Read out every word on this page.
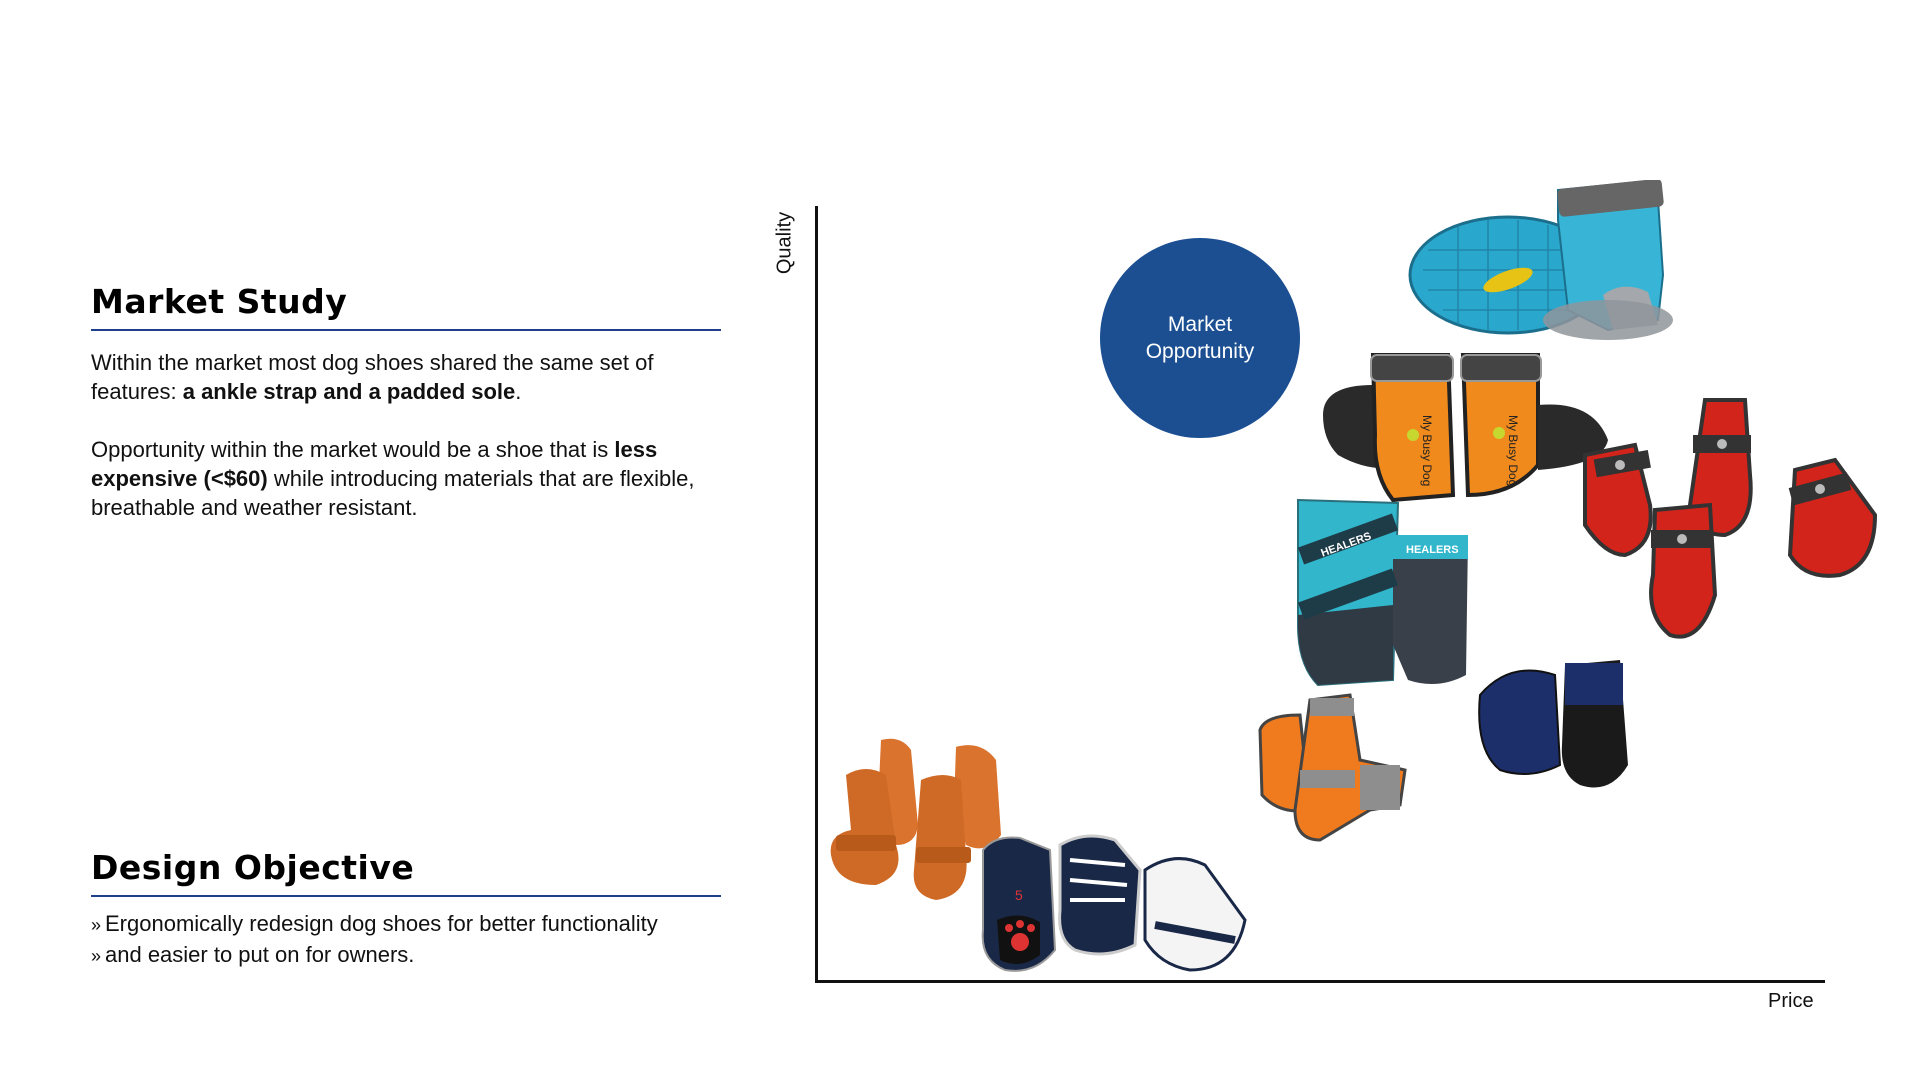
Market Study

Within the market most dog shoes shared the same set of features: a ankle strap and a padded sole.

Opportunity within the market would be a shoe that is less expensive (<$60) while introducing materials that are flexible, breathable and weather resistant.

Design Objective
» Ergonomically redesign dog shoes for better functionality
» and easier to put on for owners.
Quality
Price
Market
Opportunity
My Busy Dog	My Busy Dog
HEALERS	HEALERS
5
